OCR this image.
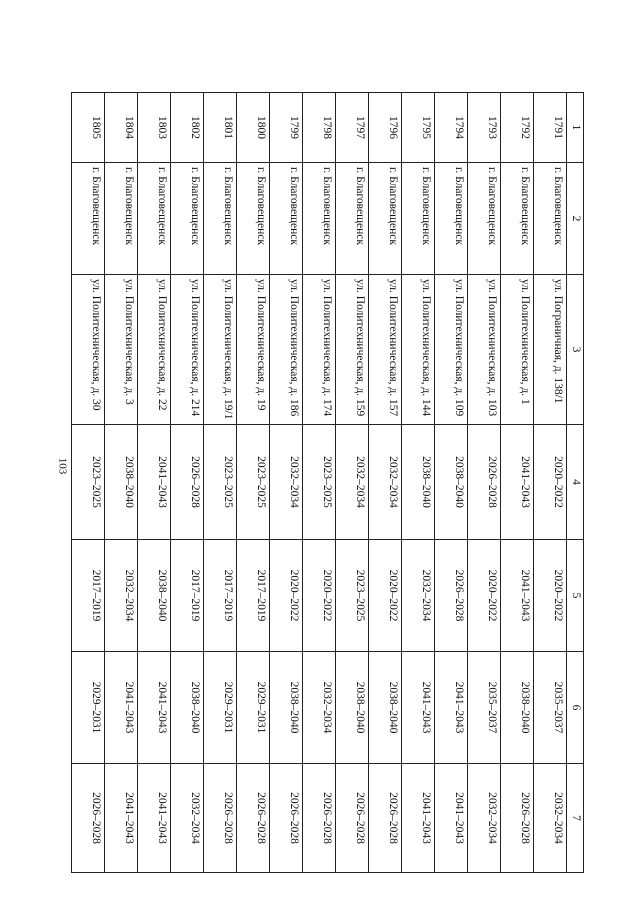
103
1	2	3	4	5	6	7
1791	г. Благовещенск	ул. Пограничная, д. 138/1	2020–2022	2020–2022	2035–2037	2032–2034
1792	г. Благовещенск	ул. Политехническая, д. 1	2041–2043	2041–2043	2038–2040	2026–2028
1793	г. Благовещенск	ул. Политехническая, д. 103	2026–2028	2020–2022	2035–2037	2032–2034
1794	г. Благовещенск	ул. Политехническая, д. 109	2038–2040	2026–2028	2041–2043	2041–2043
1795	г. Благовещенск	ул. Политехническая, д. 144	2038–2040	2032–2034	2041–2043	2041–2043
1796	г. Благовещенск	ул. Политехническая, д. 157	2032–2034	2020–2022	2038–2040	2026–2028
1797	г. Благовещенск	ул. Политехническая, д. 159	2032–2034	2023–2025	2038–2040	2026–2028
1798	г. Благовещенск	ул. Политехническая, д. 174	2023–2025	2020–2022	2032–2034	2026–2028
1799	г. Благовещенск	ул. Политехническая, д. 186	2032–2034	2020–2022	2038–2040	2026–2028
1800	г. Благовещенск	ул. Политехническая, д. 19	2023–2025	2017–2019	2029–2031	2026–2028
1801	г. Благовещенск	ул. Политехническая, д. 19/1	2023–2025	2017–2019	2029–2031	2026–2028
1802	г. Благовещенск	ул. Политехническая, д. 214	2026–2028	2017–2019	2038–2040	2032–2034
1803	г. Благовещенск	ул. Политехническая, д. 22	2041–2043	2038–2040	2041–2043	2041–2043
1804	г. Благовещенск	ул. Политехническая, д. 3	2038–2040	2032–2034	2041–2043	2041–2043
1805	г. Благовещенск	ул. Политехническая, д. 30	2023–2025	2017–2019	2029–2031	2026–2028
